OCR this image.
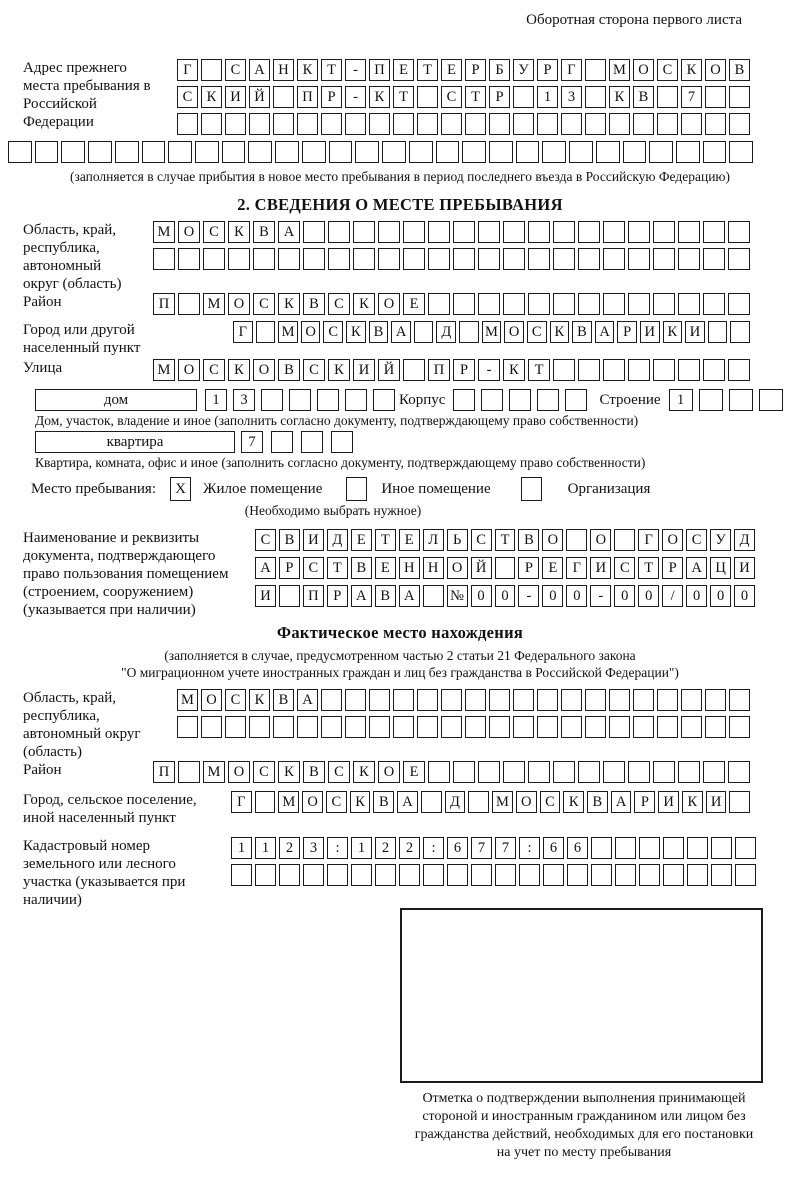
Оборотная сторона первого листа
Адрес прежнего места пребывания в Российской Федерации
Г	С А Н К	Т	-	П Е	Т	Е	Р	Б	У	Р	Г	М О С К О В
С К И Й	П	Р	-	К	Т	С	Т	Р	1	3	К В	7
(заполняется в случае прибытия в новое место пребывания в период последнего въезда в Российскую Федерацию)
2. СВЕДЕНИЯ О МЕСТЕ ПРЕБЫВАНИЯ
Область, край, республика, автономный округ (область)
М О	С	К	В	А
Район	П	М О	С	К	В	С	К	О	Е
Город или другой населенный пункт
Г	М О С К В А	Д	М О С К В А Р И К И
Улица	М О	С	К	О	В	С	К	И	Й	П	Р	-	К	Т
дом	1	3	Корпус	Строение	1
Дом, участок, владение и иное (заполнить согласно документу, подтверждающему право собственности)
квартира	7
Квартира, комната, офис и иное (заполнить согласно документу, подтверждающему право собственности)
Место пребывания:	X	Жилое помещение	Иное помещение	Организация
(Необходимо выбрать нужное)
Наименование и реквизиты документа, подтверждающего право пользования помещением (строением, сооружением) (указывается при наличии)
С В И Д	Е	Т	Е	Л	Ь	С	Т	В О	О	Г	О С У Д
А	Р	С	Т	В	Е Н Н О Й	Р	Е	Г	И С	Т	Р	А Ц И
И	П	Р	А В А	№ 0	0	-	0	0	-	0	0	/	0	0	0
Фактическое место нахождения
(заполняется в случае, предусмотренном частью 2 статьи 21 Федерального закона
"О миграционном учете иностранных граждан и лиц без гражданства в Российской Федерации")
Область, край, республика, автономный округ (область)
М О С К В А
Район	П	М О	С	К	В	С	К	О	Е
Город, сельское поселение, иной населенный пункт
Г	М О С К В А	Д	М О С К В А Р И К И
Кадастровый номер земельного или лесного участка (указывается при наличии)
1	1	2	3	:	1	2	2	:	6	7	7	:	6	6
Отметка о подтверждении выполнения принимающей стороной и иностранным гражданином или лицом без гражданства действий, необходимых для его постановки на учет по месту пребывания
